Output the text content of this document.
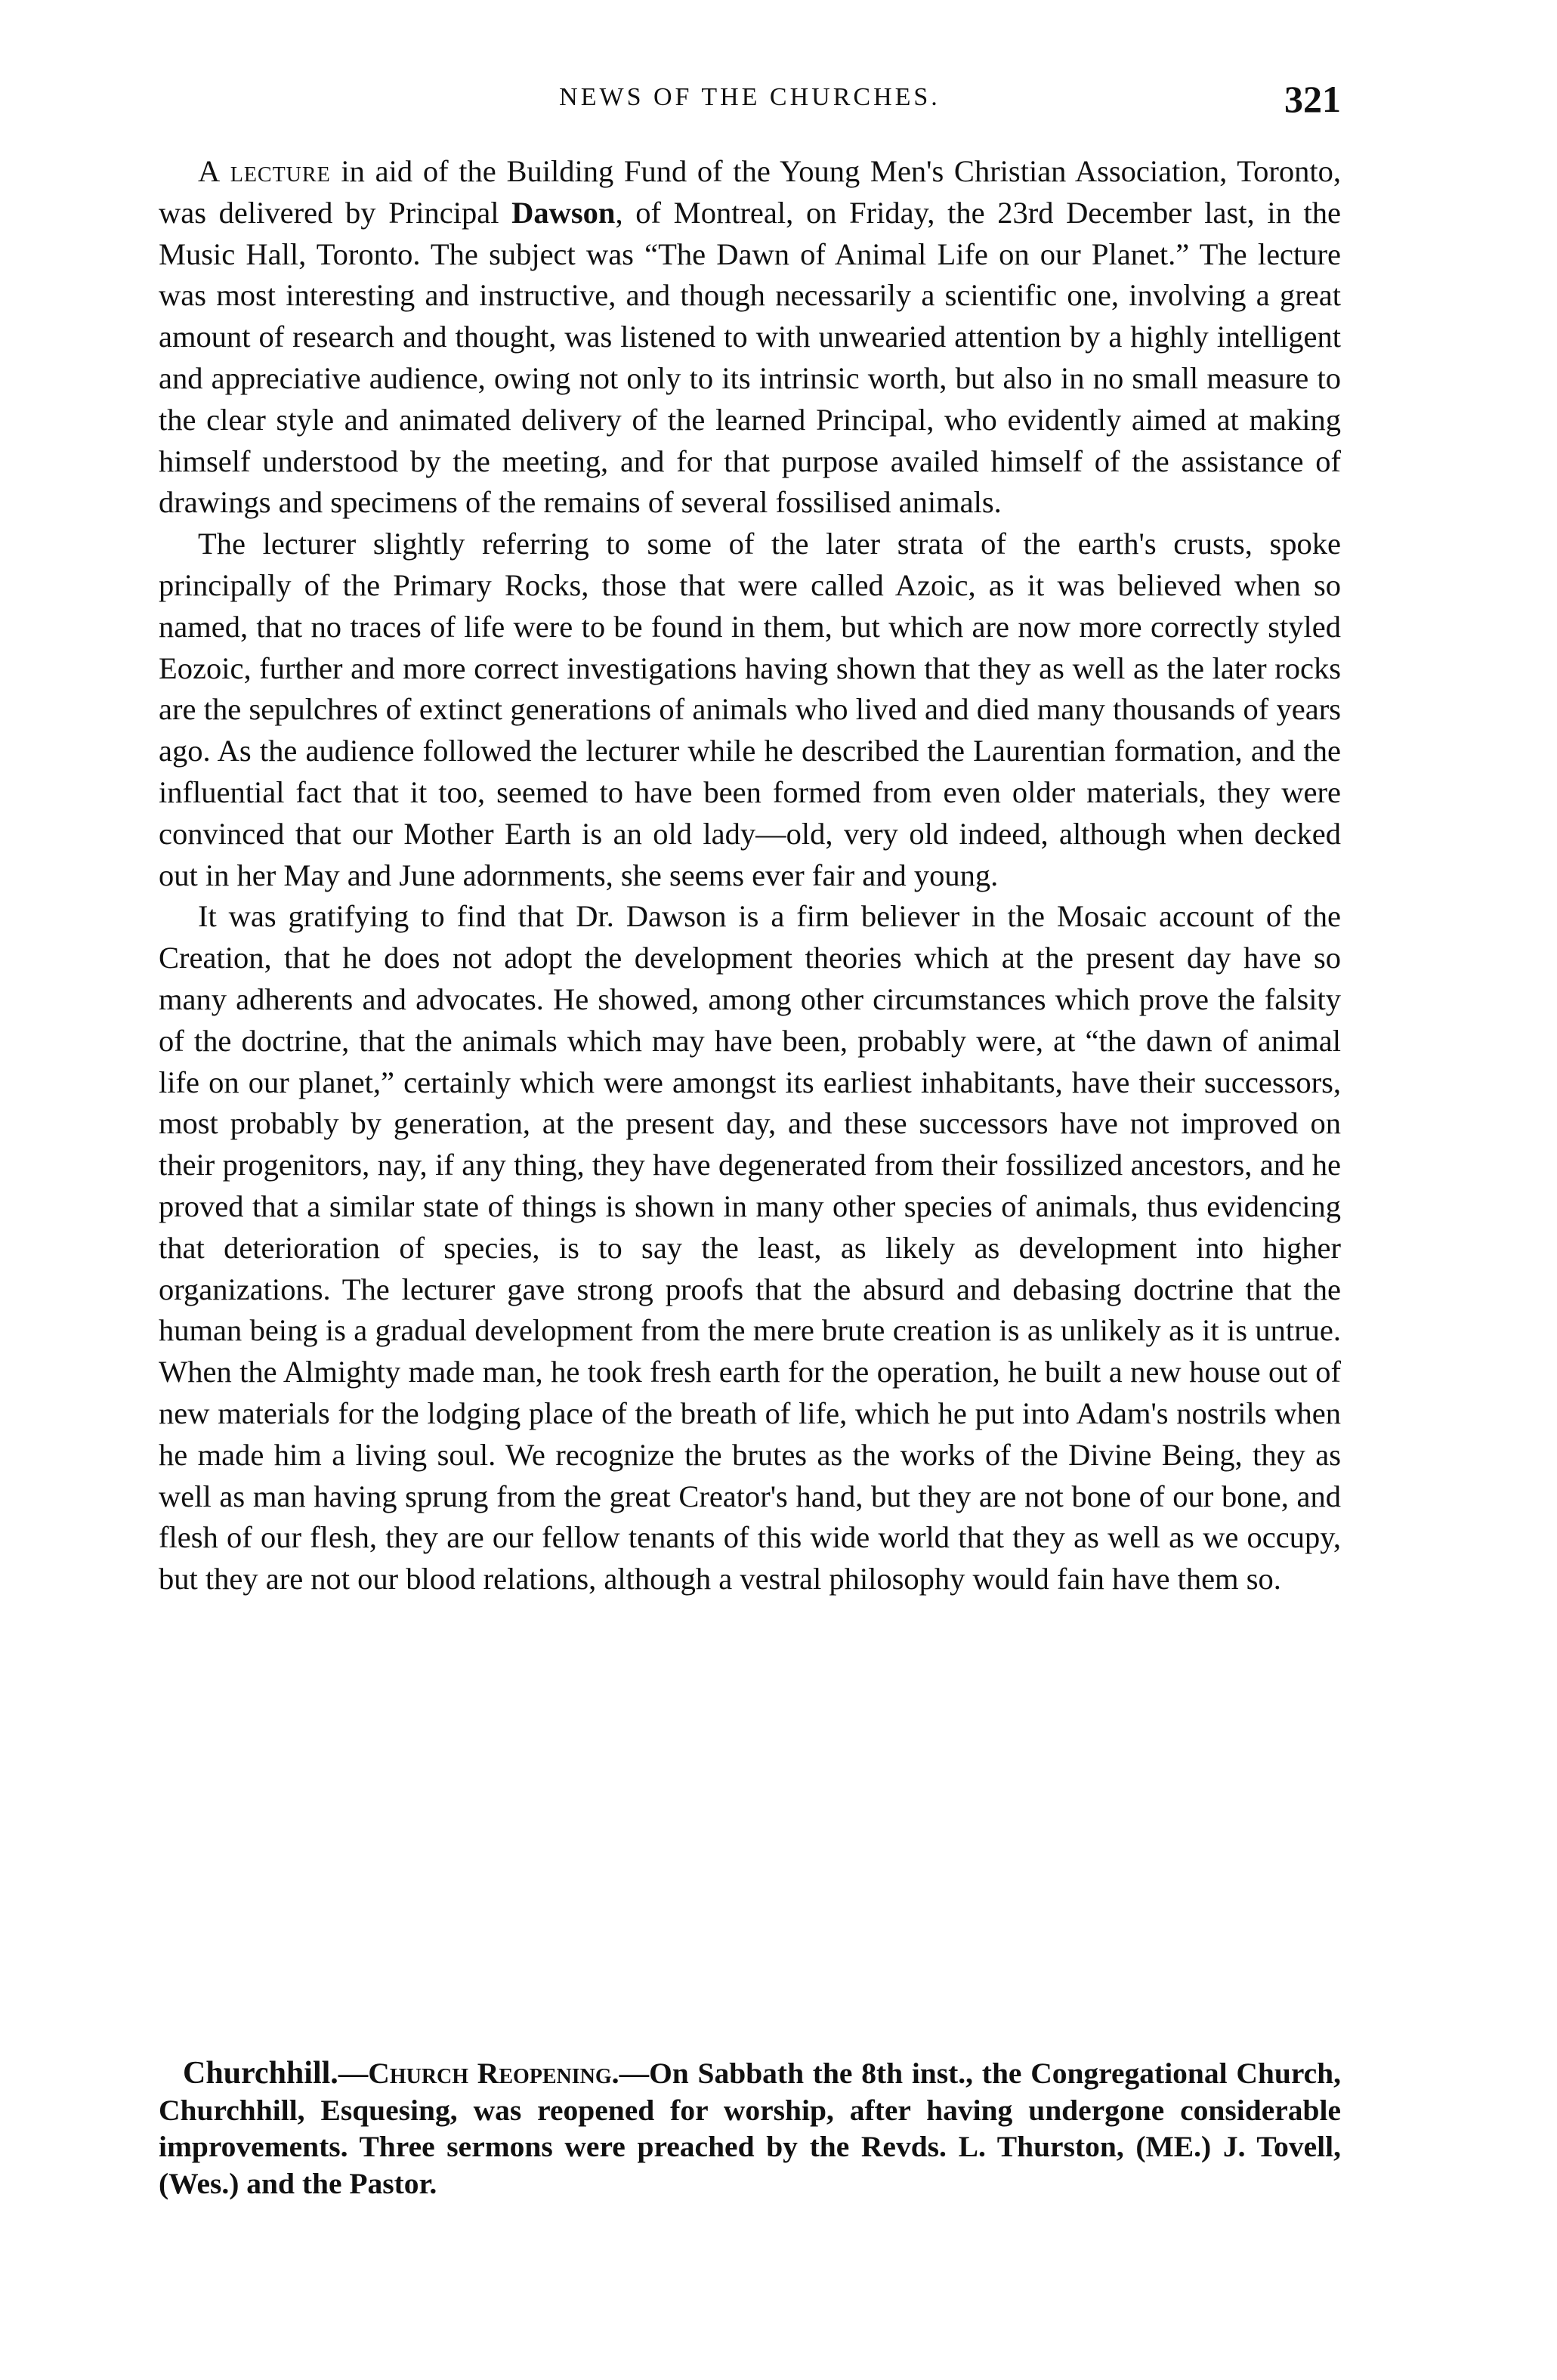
NEWS OF THE CHURCHES.	321

A lecture in aid of the Building Fund of the Young Men's Christian Association, Toronto, was delivered by Principal Dawson, of Montreal, on Friday, the 23rd December last, in the Music Hall, Toronto. The subject was “The Dawn of Animal Life on our Planet.” The lecture was most interesting and instructive, and though necessarily a scientific one, involving a great amount of research and thought, was listened to with unwearied attention by a highly intelligent and appreciative audience, owing not only to its intrinsic worth, but also in no small measure to the clear style and animated delivery of the learned Principal, who evidently aimed at making himself understood by the meeting, and for that purpose availed himself of the assistance of drawings and specimens of the remains of several fossilised animals.

The lecturer slightly referring to some of the later strata of the earth's crusts, spoke principally of the Primary Rocks, those that were called Azoic, as it was believed when so named, that no traces of life were to be found in them, but which are now more correctly styled Eozoic, further and more correct investigations having shown that they as well as the later rocks are the sepulchres of extinct generations of animals who lived and died many thousands of years ago. As the audience followed the lecturer while he described the Laurentian formation, and the influential fact that it too, seemed to have been formed from even older materials, they were convinced that our Mother Earth is an old lady—old, very old indeed, although when decked out in her May and June adornments, she seems ever fair and young.

It was gratifying to find that Dr. Dawson is a firm believer in the Mosaic account of the Creation, that he does not adopt the development theories which at the present day have so many adherents and advocates. He showed, among other circumstances which prove the falsity of the doctrine, that the animals which may have been, probably were, at “the dawn of animal life on our planet,” certainly which were amongst its earliest inhabitants, have their successors, most probably by generation, at the present day, and these successors have not improved on their progenitors, nay, if any thing, they have degenerated from their fossilized ancestors, and he proved that a similar state of things is shown in many other species of animals, thus evidencing that deterioration of species, is to say the least, as likely as development into higher organizations. The lecturer gave strong proofs that the absurd and debasing doctrine that the human being is a gradual development from the mere brute creation is as unlikely as it is untrue. When the Almighty made man, he took fresh earth for the operation, he built a new house out of new materials for the lodging place of the breath of life, which he put into Adam's nostrils when he made him a living soul. We recognize the brutes as the works of the Divine Being, they as well as man having sprung from the great Creator's hand, but they are not bone of our bone, and flesh of our flesh, they are our fellow tenants of this wide world that they as well as we occupy, but they are not our blood relations, although a vestral philosophy would fain have them so.

Churchhill.—Church Reopening.—On Sabbath the 8th inst., the Congregational Church, Churchhill, Esquesing, was reopened for worship, after having undergone considerable improvements. Three sermons were preached by the Revds. L. Thurston, (ME.) J. Tovell, (Wes.) and the Pastor.
